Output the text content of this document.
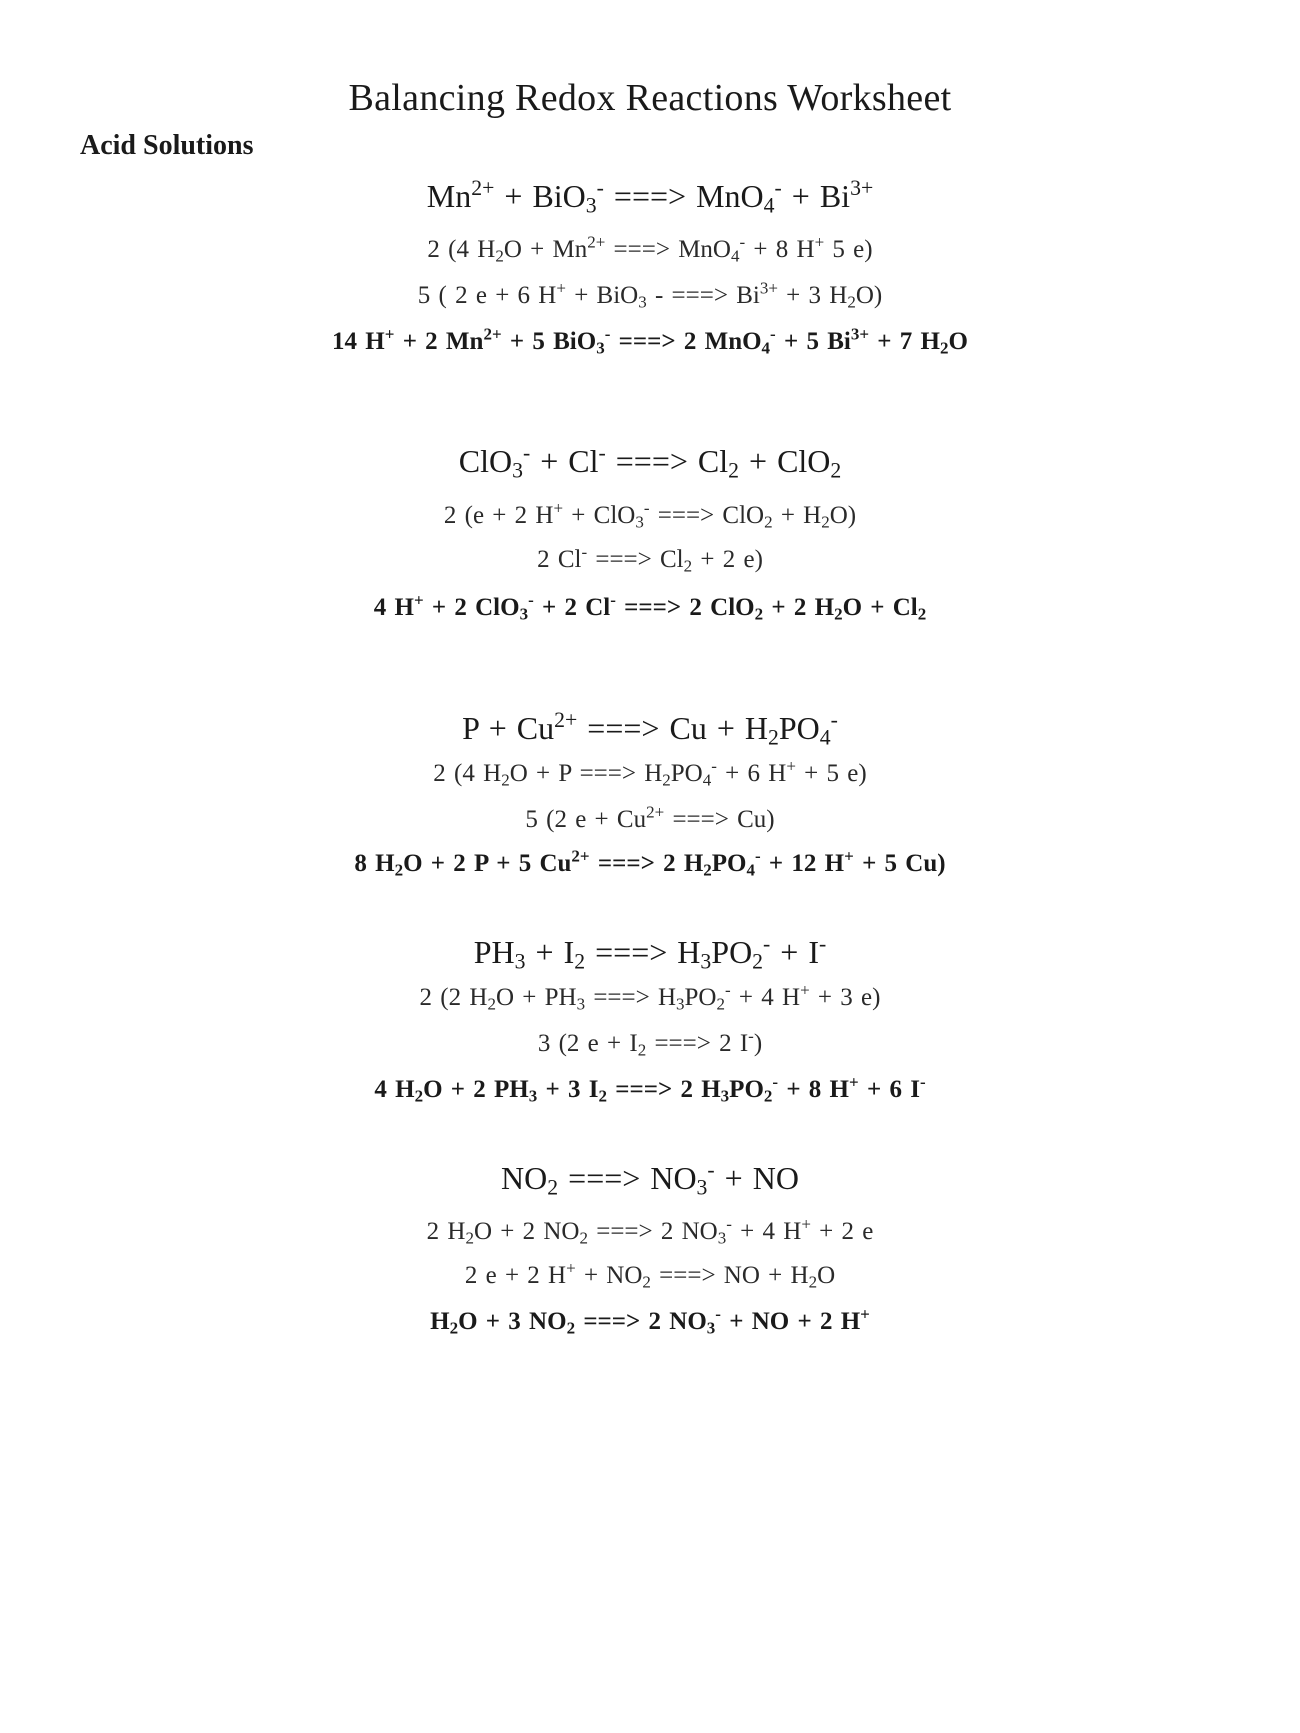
Balancing Redox Reactions Worksheet
Acid Solutions
$Mn^{2+} + BiO_3^-$ ===> $MnO_4^- + Bi^{3+}$
2 (4 $H_2O + Mn^{2+}$ ===> MnO$_4$- + 8 H+ 5 e)
5 ( 2 e + 6 H+ + BiO$_3$ - ===> $Bi^{3+} + 3$ $H_2O$)
14 H+ + 2 $Mn^{2+} + 5$ BiO$_3$- ===> 2 MnO$_4$- + 5 $Bi^{3+} + 7$ $H_2O$
ClO$_3$- + Cl- ===> $Cl_2 + ClO_2$
2 (e + 2 H+ + ClO$_3$- ===> $ClO_2 + H_2O$)
2 Cl- ===> $Cl_2 + 2$ e)
4 H+ + 2 ClO$_3$- + 2 Cl- ===> 2 ClO$_2$ + 2 $H_2O + Cl_2$
$P + Cu^{2+}$ ===> $Cu + H_2PO_4^-$
2 (4 $H_2O + P$ ===> $H_2PO_4^- + 6$ H+ + 5 e)
5 (2 $e + Cu^{2+}$ ===> Cu)
8 $H_2O + 2$ P + 5 $Cu^{2+}$ ===> 2 $H_2PO_4^- + 12$ H+ + 5 Cu)
$PH_3 + I_2$ ===> $H_3PO_2^- + I^-$
2 (2 $H_2O + PH_3$ ===> $H_3PO_2^- + 4$ H+ + 3 e)
3 (2 $e + I_2$ ===> 2 I-)
4 $H_2O + 2$ $PH_3 + 3$ $I_2$ ===> 2 $H_3PO_2^- + 8$ H+ + 6 I-
$NO_2$ ===> $NO_3^-$ + NO
2 $H_2O + 2$ $NO_2$ ===> 2 $NO_3^- + 4$ H+ + 2 e
2 e + 2 $H^+ + NO_2$ ===> NO + $H_2O$
$H_2O + 3$ $NO_2$ ===> 2 $NO_3^-$ + NO + 2 H+
